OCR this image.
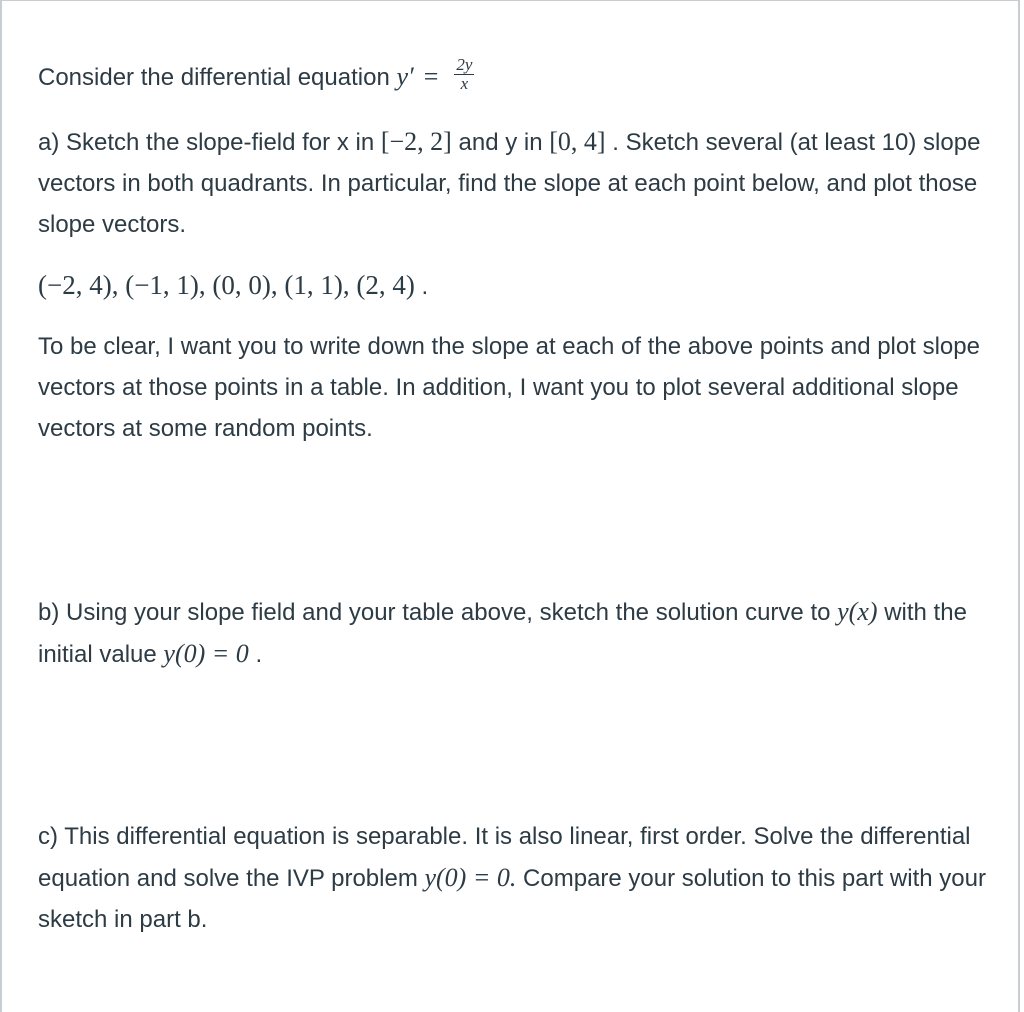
Consider the differential equation $y' = \frac{2y}{x}$

a) Sketch the slope-field for x in [−2, 2] and y in [0, 4] . Sketch several (at least 10) slope vectors in both quadrants. In particular, find the slope at each point below, and plot those slope vectors.

(−2, 4), (−1, 1), (0, 0), (1, 1), (2, 4) .

To be clear, I want you to write down the slope at each of the above points and plot slope vectors at those points in a table. In addition, I want you to plot several additional slope vectors at some random points.

b) Using your slope field and your table above, sketch the solution curve to y(x) with the initial value y(0) = 0 .

c) This differential equation is separable. It is also linear, first order. Solve the differential equation and solve the IVP problem y(0) = 0. Compare your solution to this part with your sketch in part b.
